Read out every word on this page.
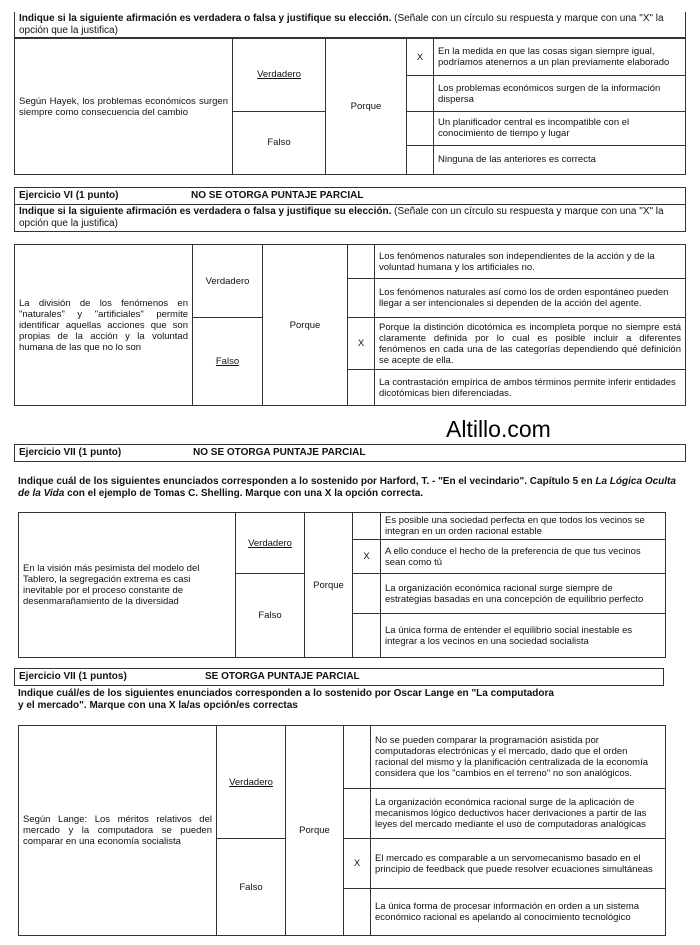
Indique si la siguiente afirmación es verdadera o falsa y justifique su elección. (Señale con un círculo su respuesta y marque con una "X" la opción que la justifica)
Según Hayek, los problemas económicos surgen siempre como consecuencia del cambio	Verdadero	Porque	X	En la medida en que las cosas sigan siempre igual, podríamos atenernos a un plan previamente elaborado
				Los problemas económicos surgen de la información dispersa
	Falso			Un planificador central es incompatible con el conocimiento de tiempo y lugar
				Ninguna de las anteriores es correcta
Ejercicio VI (1 punto)	NO SE OTORGA PUNTAJE PARCIAL
Indique si la siguiente afirmación es verdadera o falsa y justifique su elección. (Señale con un círculo su respuesta y marque con una "X" la opción que la justifica)
La división de los fenómenos en "naturales" y "artificiales" permite identificar aquellas acciones que son propias de la acción y la voluntad humana de las que no lo son	Verdadero	Porque		Los fenómenos naturales son independientes de la acción y de la voluntad humana y los artificiales no.
				Los fenómenos naturales así como los de orden espontáneo pueden llegar a ser intencionales si dependen de la acción del agente.
	Falso		X	Porque la distinción dicotómica es incompleta porque no siempre está claramente definida por lo cual es posible incluir a diferentes fenómenos en cada una de las categorías dependiendo qué definición se acepte de ella.
				La contrastación empírica de ambos términos permite inferir entidades dicotómicas bien diferenciadas.
Altillo.com
Ejercicio VII (1 punto)	NO SE OTORGA PUNTAJE PARCIAL
Indique cuál de los siguientes enunciados corresponden a lo sostenido por Harford, T. - "En el vecindario". Capítulo 5 en La Lógica Oculta de la Vida con el ejemplo de Tomas C. Shelling. Marque con una X la opción correcta.
En la visión más pesimista del modelo del Tablero, la segregación extrema es casi inevitable por el proceso constante de desenmarañamiento de la diversidad	Verdadero	Porque		Es posible una sociedad perfecta en que todos los vecinos se integran en un orden racional estable
			X	A ello conduce el hecho de la preferencia de que tus vecinos sean como tú
	Falso			La organización económica racional surge siempre de estrategias basadas en una concepción de equilibrio perfecto
				La única forma de entender el equilibrio social inestable es integrar a los vecinos en una sociedad socialista
Ejercicio VII (1 puntos)	SE OTORGA PUNTAJE PARCIAL
Indique cuál/es de los siguientes enunciados corresponden a lo sostenido por Oscar Lange en "La computadora
y el mercado". Marque con una X la/as opción/es correctas
Según Lange: Los méritos relativos del mercado y la computadora se pueden comparar en una economía socialista	Verdadero	Porque		No se pueden comparar la programación asistida por computadoras electrónicas y el mercado, dado que el orden racional del mismo y la planificación centralizada de la economía considera que los "cambios en el terreno" no son analógicos.
				La organización económica racional surge de la aplicación de mecanismos lógico deductivos hacer derivaciones a partir de las leyes del mercado mediante el uso de computadoras analógicas
	Falso		X	El mercado es comparable a un servomecanismo basado en el principio de feedback que puede resolver ecuaciones simultáneas
				La única forma de procesar información en orden a un sistema económico racional es apelando al conocimiento tecnológico
